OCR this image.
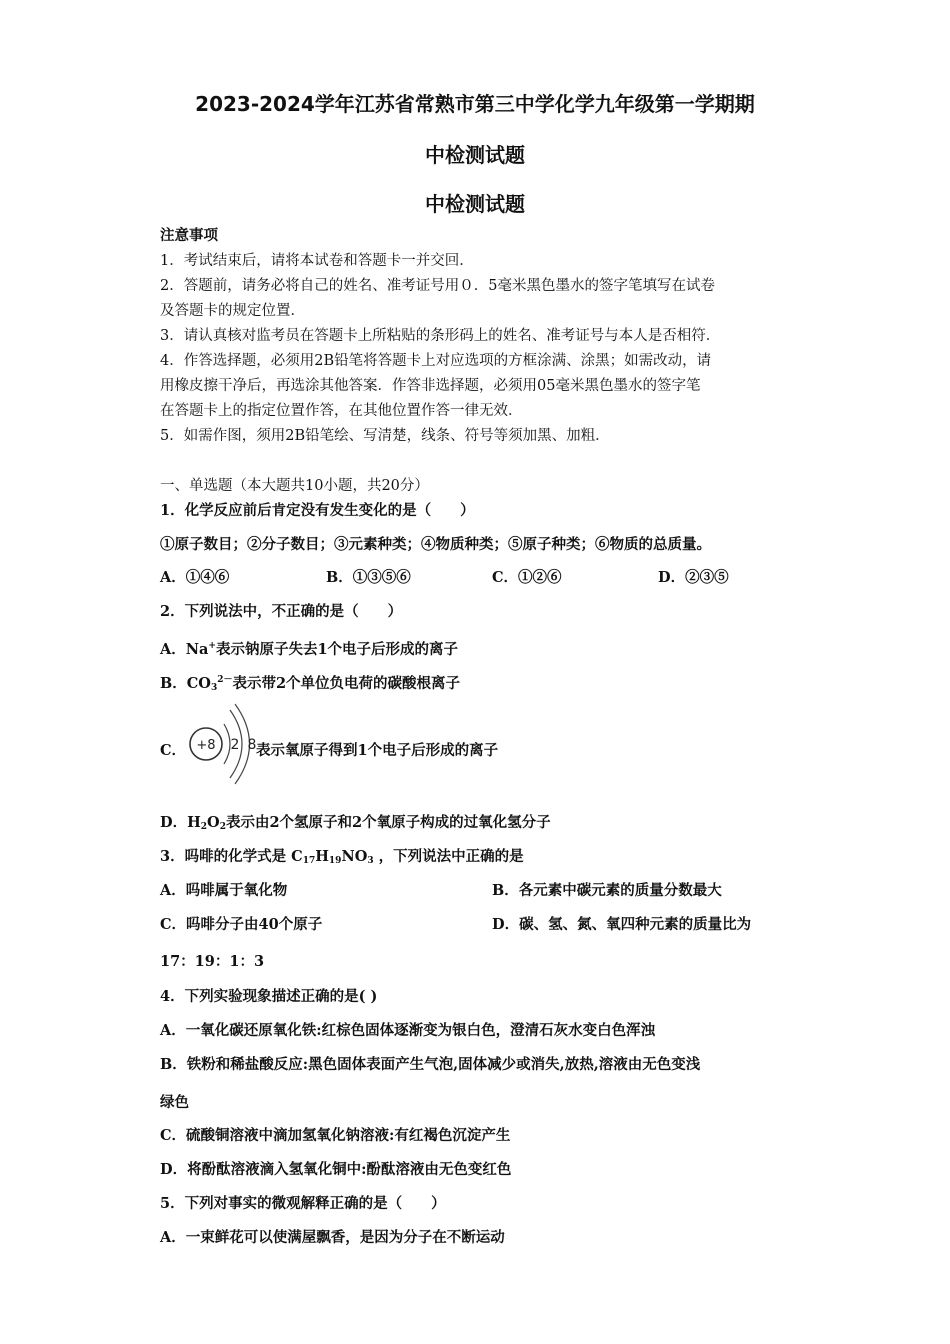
2023-2024学年江苏省常熟市第三中学化学九年级第一学期期
中检测试题
中检测试题
注意事项
1．考试结束后，请将本试卷和答题卡一并交回．
2．答题前，请务必将自己的姓名、准考证号用０．5毫米黑色墨水的签字笔填写在试卷
及答题卡的规定位置．
3．请认真核对监考员在答题卡上所粘贴的条形码上的姓名、准考证号与本人是否相符．
4．作答选择题，必须用2B铅笔将答题卡上对应选项的方框涂满、涂黑；如需改动，请
用橡皮擦干净后，再选涂其他答案．作答非选择题，必须用05毫米黑色墨水的签字笔
在答题卡上的指定位置作答，在其他位置作答一律无效．
5．如需作图，须用2B铅笔绘、写清楚，线条、符号等须加黑、加粗．
一、单选题（本大题共10小题，共20分）
1．化学反应前后肯定没有发生变化的是（　　）
①原子数目；②分子数目；③元素种类；④物质种类；⑤原子种类；⑥物质的总质量。
A．①④⑥	B．①③⑤⑥	C．①②⑥	D．②③⑤
2．下列说法中，不正确的是（　　）
A．Na+表示钠原子失去1个电子后形成的离子
B．$CO_3^{2-}$表示带2个单位负电荷的碳酸根离子
C． +8 2 8 表示氧原子得到1个电子后形成的离子
D．$H_2O_2$表示由2个氢原子和2个氧原子构成的过氧化氢分子
3．吗啡的化学式是 $C_{17}H_{19}NO_3$ ，下列说法中正确的是
A．吗啡属于氧化物	B．各元素中碳元素的质量分数最大
C．吗啡分子由40个原子	D．碳、氢、氮、氧四种元素的质量比为
17：19：1：3
4．下列实验现象描述正确的是( )
A．一氧化碳还原氧化铁:红棕色固体逐渐变为银白色，澄清石灰水变白色浑浊
B．铁粉和稀盐酸反应:黑色固体表面产生气泡,固体减少或消失,放热,溶液由无色变浅
绿色
C．硫酸铜溶液中滴加氢氧化钠溶液:有红褐色沉淀产生
D．将酚酞溶液滴入氢氧化铜中:酚酞溶液由无色变红色
5．下列对事实的微观解释正确的是（　　）
A．一束鲜花可以使满屋飘香，是因为分子在不断运动
